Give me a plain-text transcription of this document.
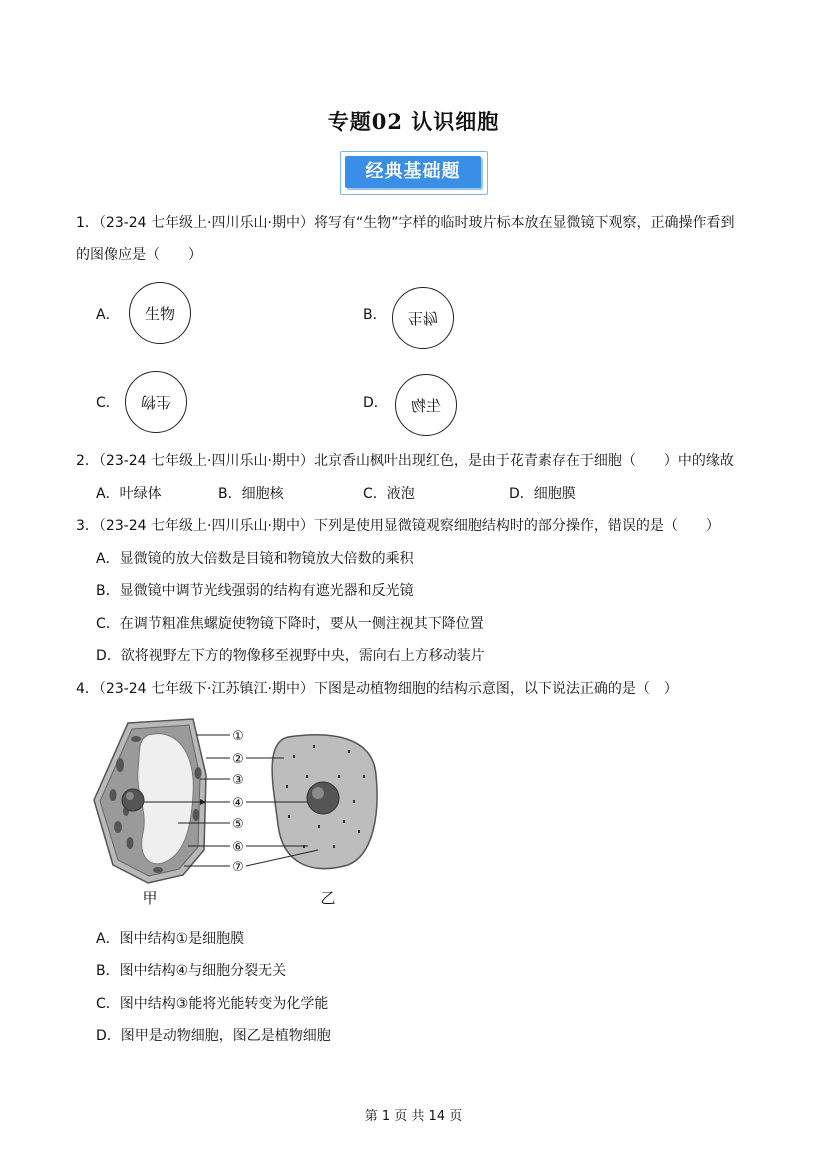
专题02 认识细胞
经典基础题
1．（23-24 七年级上·四川乐山·期中）将写有“生物”字样的临时玻片标本放在显微镜下观察，正确操作看到
的图像应是（　　）
A． 生物	B． 生物
C． 生物	D． 生物
2．（23-24 七年级上·四川乐山·期中）北京香山枫叶出现红色，是由于花青素存在于细胞（　　）中的缘故
A．叶绿体	B．细胞核	C．液泡	D．细胞膜
3．（23-24 七年级上·四川乐山·期中）下列是使用显微镜观察细胞结构时的部分操作，错误的是（　　）
A．显微镜的放大倍数是目镜和物镜放大倍数的乘积
B．显微镜中调节光线强弱的结构有遮光器和反光镜
C．在调节粗准焦螺旋使物镜下降时，要从一侧注视其下降位置
D．欲将视野左下方的物像移至视野中央，需向右上方移动装片
4．（23-24 七年级下·江苏镇江·期中）下图是动植物细胞的结构示意图，以下说法正确的是（　）
①
②
③
④
⑤
⑥
⑦
甲	乙
A．图中结构①是细胞膜
B．图中结构④与细胞分裂无关
C．图中结构③能将光能转变为化学能
D．图甲是动物细胞，图乙是植物细胞
第 1 页 共 14 页
